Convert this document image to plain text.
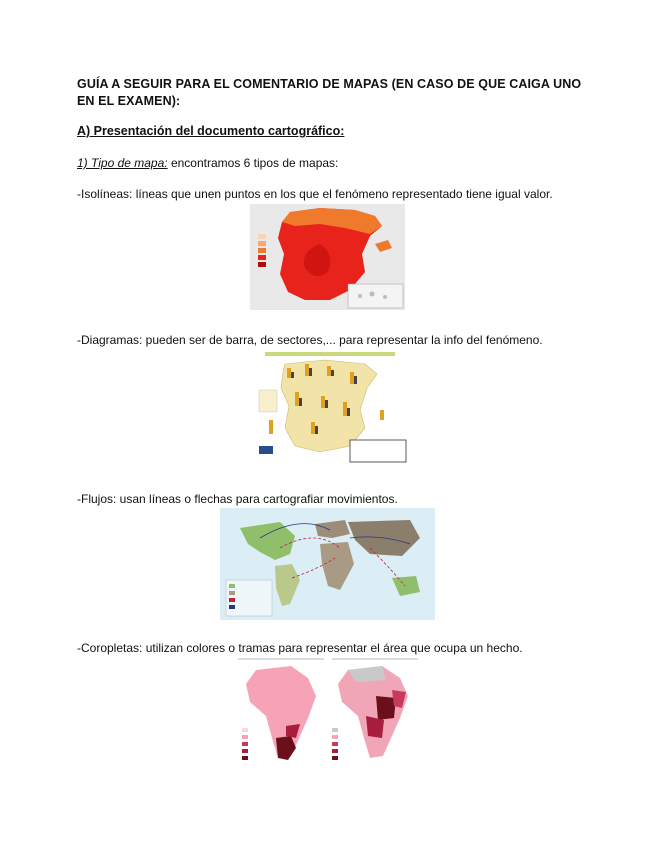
GUÍA A SEGUIR PARA EL COMENTARIO DE MAPAS (EN CASO DE QUE CAIGA UNO EN EL EXAMEN):
A) Presentación del documento cartográfico:
1) Tipo de mapa: encontramos 6 tipos de mapas:
-Isolíneas: líneas que unen puntos en los que el fenómeno representado tiene igual valor.
-Diagramas: pueden ser de barra, de sectores,... para representar la info del fenómeno.
-Flujos: usan líneas o flechas para cartografiar movimientos.
-Coropletas: utilizan colores o tramas para representar el área que ocupa un hecho.
